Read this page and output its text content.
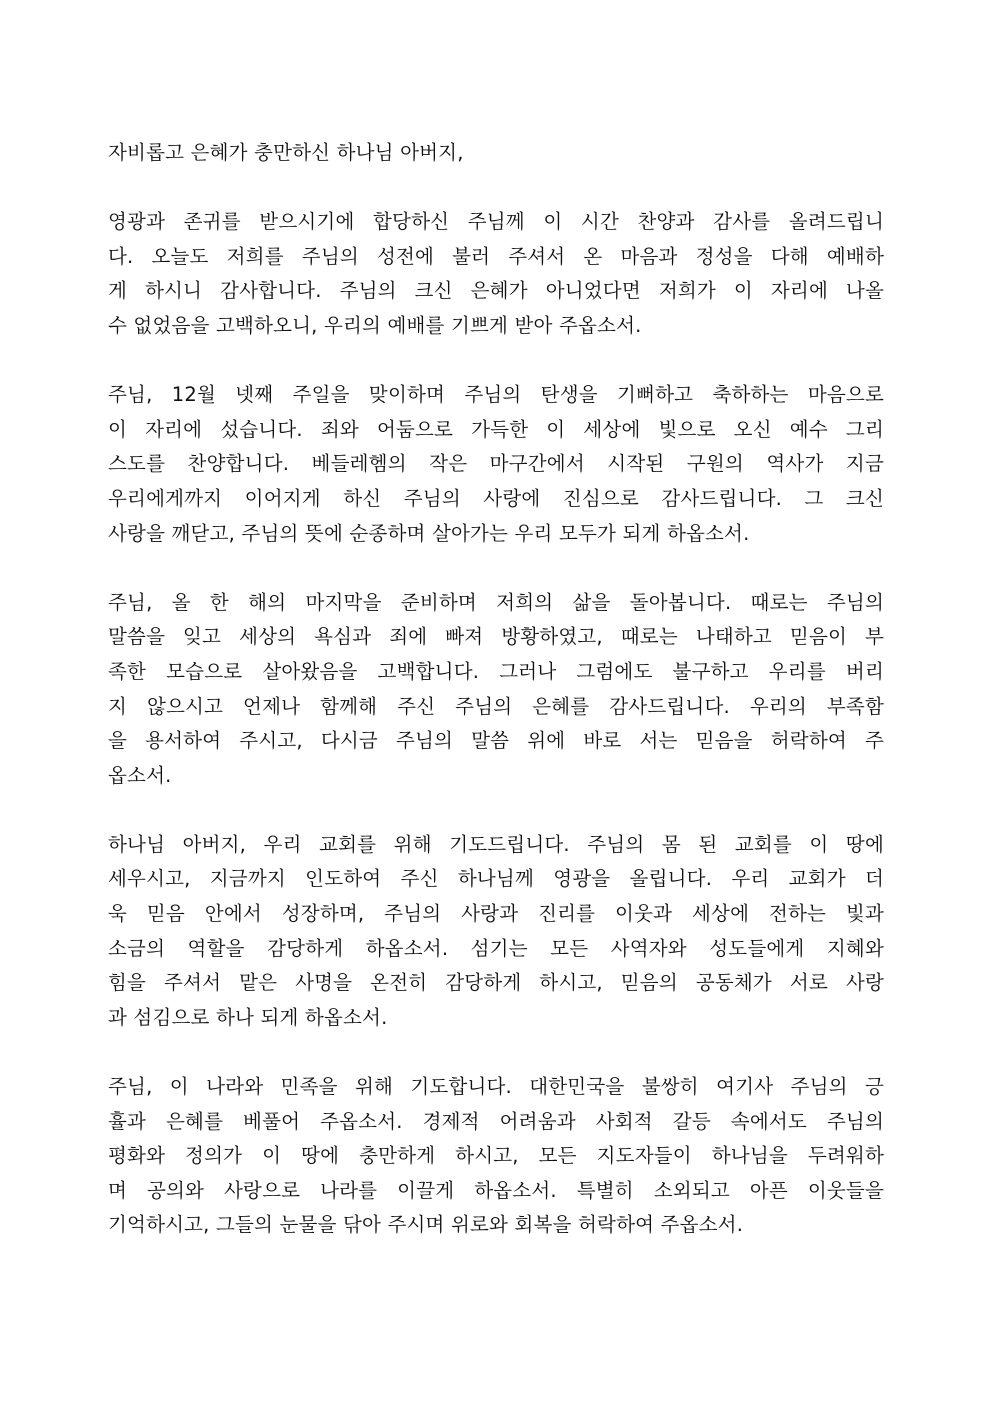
자비롭고 은혜가 충만하신 하나님 아버지,
영광과 존귀를 받으시기에 합당하신 주님께 이 시간 찬양과 감사를 올려드립니
다. 오늘도 저희를 주님의 성전에 불러 주셔서 온 마음과 정성을 다해 예배하
게 하시니 감사합니다. 주님의 크신 은혜가 아니었다면 저희가 이 자리에 나올
수 없었음을 고백하오니, 우리의 예배를 기쁘게 받아 주옵소서.
주님, 12월 넷째 주일을 맞이하며 주님의 탄생을 기뻐하고 축하하는 마음으로
이 자리에 섰습니다. 죄와 어둠으로 가득한 이 세상에 빛으로 오신 예수 그리
스도를 찬양합니다. 베들레헴의 작은 마구간에서 시작된 구원의 역사가 지금
우리에게까지 이어지게 하신 주님의 사랑에 진심으로 감사드립니다. 그 크신
사랑을 깨닫고, 주님의 뜻에 순종하며 살아가는 우리 모두가 되게 하옵소서.
주님, 올 한 해의 마지막을 준비하며 저희의 삶을 돌아봅니다. 때로는 주님의
말씀을 잊고 세상의 욕심과 죄에 빠져 방황하였고, 때로는 나태하고 믿음이 부
족한 모습으로 살아왔음을 고백합니다. 그러나 그럼에도 불구하고 우리를 버리
지 않으시고 언제나 함께해 주신 주님의 은혜를 감사드립니다. 우리의 부족함
을 용서하여 주시고, 다시금 주님의 말씀 위에 바로 서는 믿음을 허락하여 주
옵소서.
하나님 아버지, 우리 교회를 위해 기도드립니다. 주님의 몸 된 교회를 이 땅에
세우시고, 지금까지 인도하여 주신 하나님께 영광을 올립니다. 우리 교회가 더
욱 믿음 안에서 성장하며, 주님의 사랑과 진리를 이웃과 세상에 전하는 빛과
소금의 역할을 감당하게 하옵소서. 섬기는 모든 사역자와 성도들에게 지혜와
힘을 주셔서 맡은 사명을 온전히 감당하게 하시고, 믿음의 공동체가 서로 사랑
과 섬김으로 하나 되게 하옵소서.
주님, 이 나라와 민족을 위해 기도합니다. 대한민국을 불쌍히 여기사 주님의 긍
휼과 은혜를 베풀어 주옵소서. 경제적 어려움과 사회적 갈등 속에서도 주님의
평화와 정의가 이 땅에 충만하게 하시고, 모든 지도자들이 하나님을 두려워하
며 공의와 사랑으로 나라를 이끌게 하옵소서. 특별히 소외되고 아픈 이웃들을
기억하시고, 그들의 눈물을 닦아 주시며 위로와 회복을 허락하여 주옵소서.
